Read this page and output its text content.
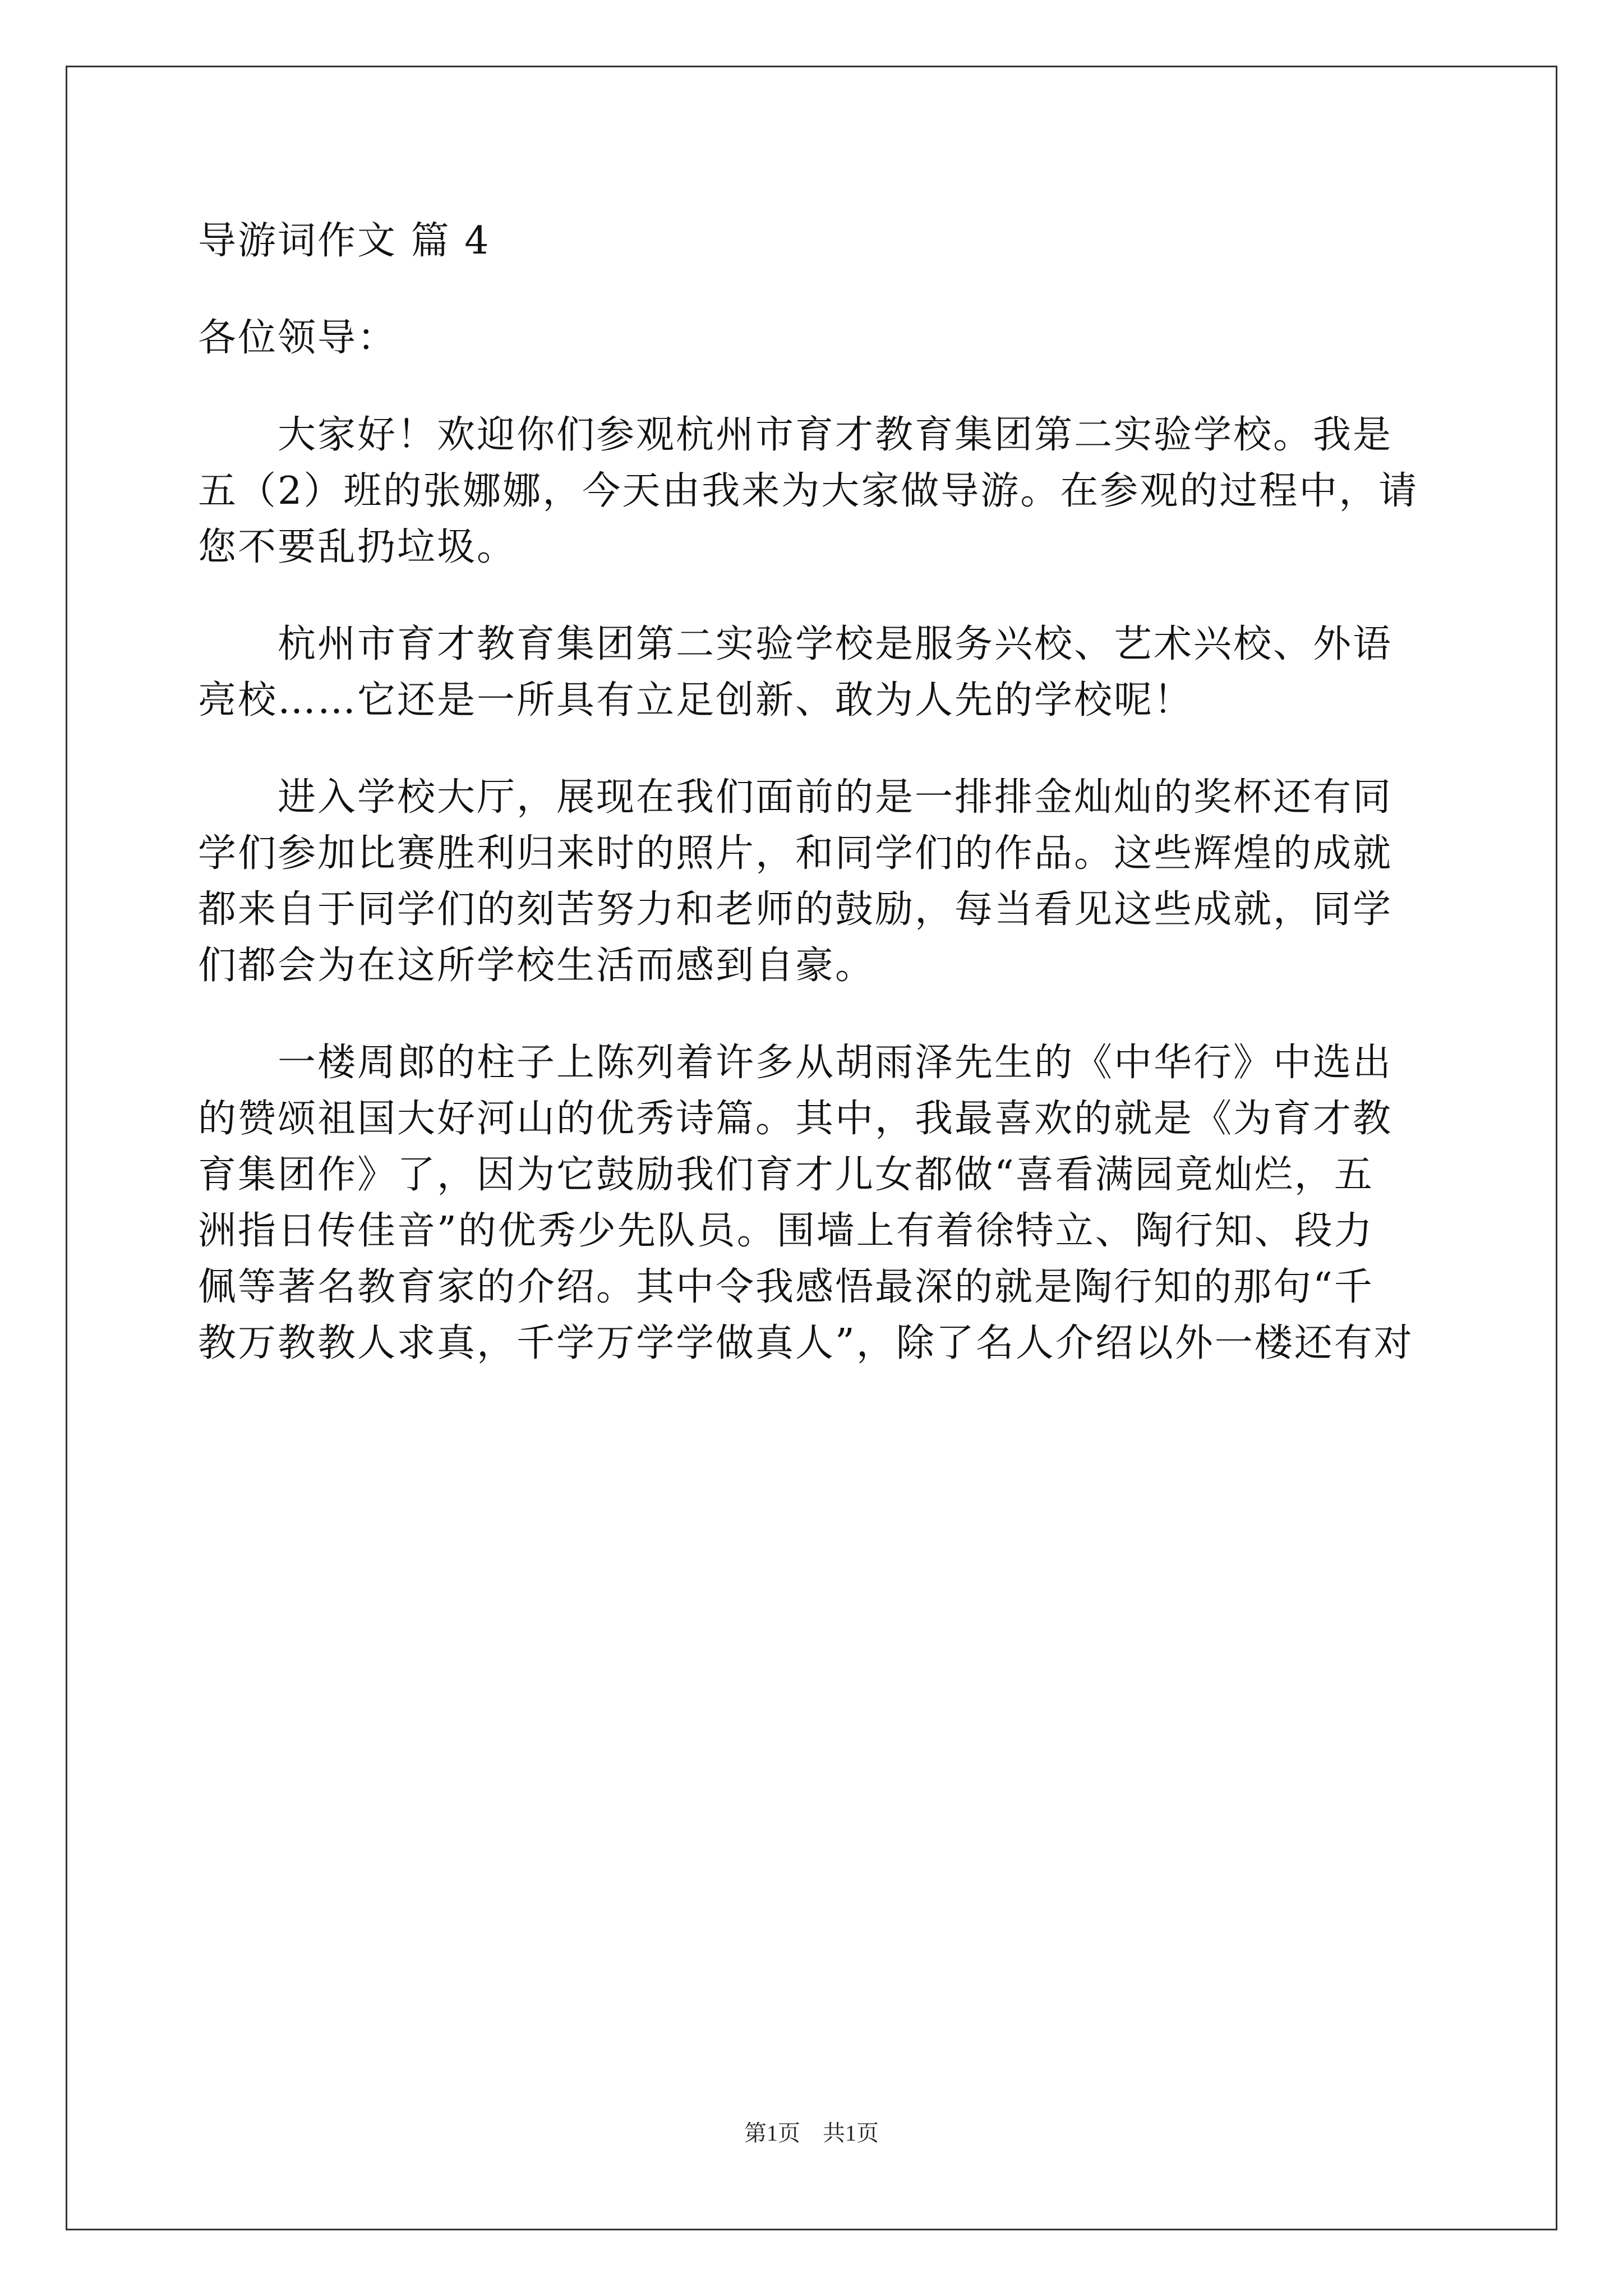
导游词作文 篇 4
各位领导：
　　大家好！欢迎你们参观杭州市育才教育集团第二实验学校。我是
五（2）班的张娜娜，今天由我来为大家做导游。在参观的过程中，请
您不要乱扔垃圾。
　　杭州市育才教育集团第二实验学校是服务兴校、艺术兴校、外语
亮校……它还是一所具有立足创新、敢为人先的学校呢！
　　进入学校大厅，展现在我们面前的是一排排金灿灿的奖杯还有同
学们参加比赛胜利归来时的照片，和同学们的作品。这些辉煌的成就
都来自于同学们的刻苦努力和老师的鼓励，每当看见这些成就，同学
们都会为在这所学校生活而感到自豪。
　　一楼周郎的柱子上陈列着许多从胡雨泽先生的《中华行》中选出
的赞颂祖国大好河山的优秀诗篇。其中，我最喜欢的就是《为育才教
育集团作》了，因为它鼓励我们育才儿女都做“喜看满园竟灿烂，五
洲指日传佳音”的优秀少先队员。围墙上有着徐特立、陶行知、段力
佩等著名教育家的介绍。其中令我感悟最深的就是陶行知的那句“千
教万教教人求真，千学万学学做真人”，除了名人介绍以外一楼还有对
第1页　共1页
